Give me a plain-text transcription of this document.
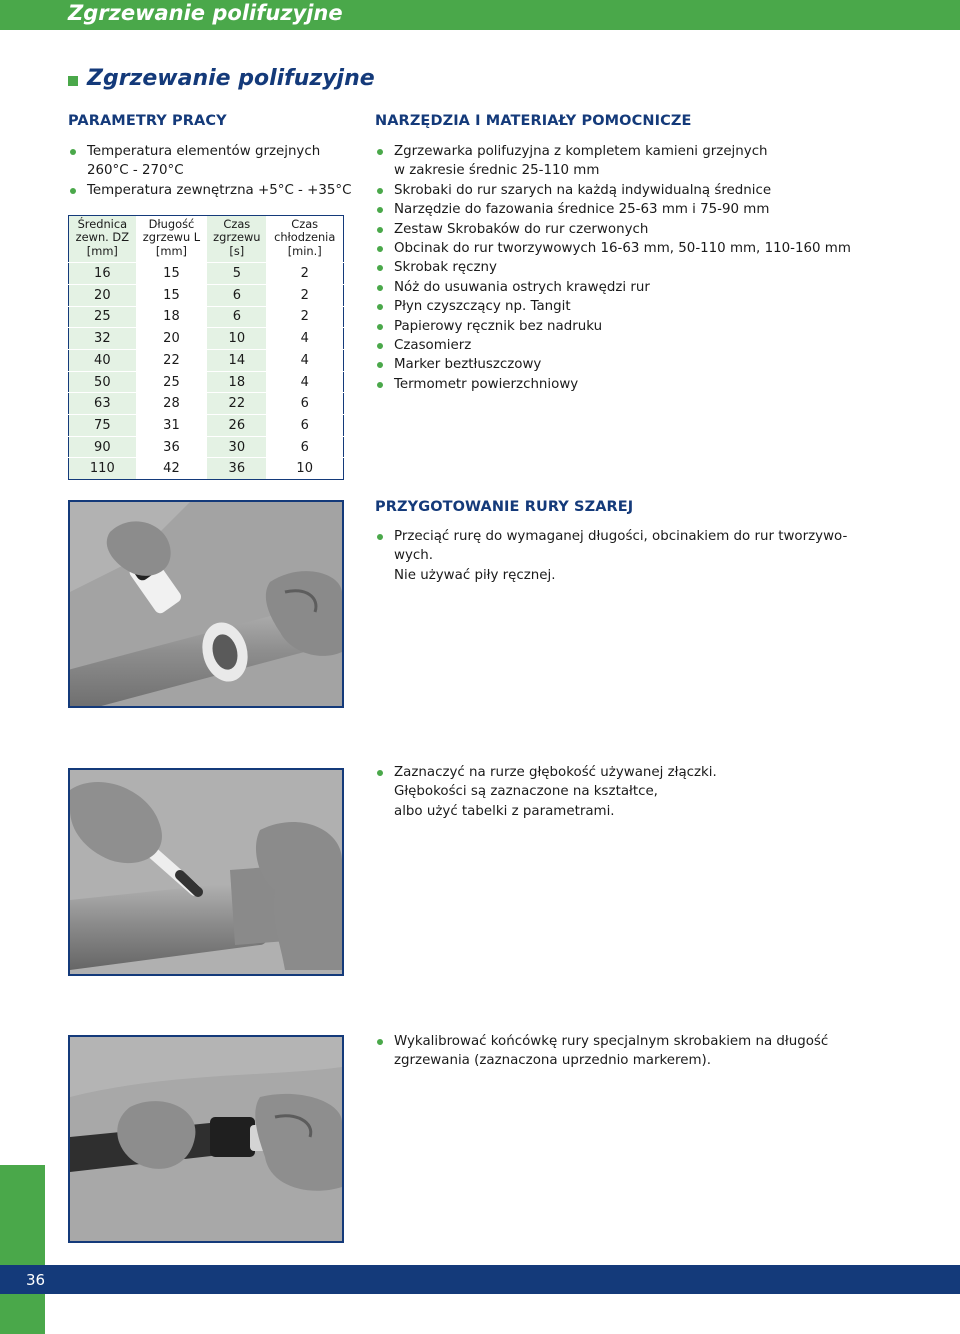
Zgrzewanie polifuzyjne
Zgrzewanie polifuzyjne
PARAMETRY PRACY
Temperatura elementów grzejnych
260°C - 270°C
Temperatura zewnętrzna +5°C - +35°C
Średnica
zewn. DZ
[mm]	Długość
zgrzewu L
[mm]	Czas
zgrzewu
[s]	Czas
chłodzenia
[min.]
16	15	5	2
20	15	6	2
25	18	6	2
32	20	10	4
40	22	14	4
50	25	18	4
63	28	22	6
75	31	26	6
90	36	30	6
110	42	36	10
NARZĘDZIA I MATERIAŁY POMOCNICZE
Zgrzewarka polifuzyjna z kompletem kamieni grzejnych
w zakresie średnic 25-110 mm
Skrobaki do rur szarych na każdą indywidualną średnice
Narzędzie do fazowania średnice 25-63 mm i 75-90 mm
Zestaw Skrobaków do rur czerwonych
Obcinak do rur tworzywowych 16-63 mm, 50-110 mm, 110-160 mm
Skrobak ręczny
Nóż do usuwania ostrych krawędzi rur
Płyn czyszczący np. Tangit
Papierowy ręcznik bez nadruku
Czasomierz
Marker beztłuszczowy
Termometr powierzchniowy
PRZYGOTOWANIE RURY SZAREJ
Przeciąć rurę do wymaganej długości, obcinakiem do rur tworzywo-
wych.
Nie używać piły ręcznej.
Zaznaczyć na rurze głębokość używanej złączki.
Głębokości są zaznaczone na kształtce,
albo użyć tabelki z parametrami.
Wykalibrować końcówkę rury specjalnym skrobakiem na długość
zgrzewania (zaznaczona uprzednio markerem).
36
